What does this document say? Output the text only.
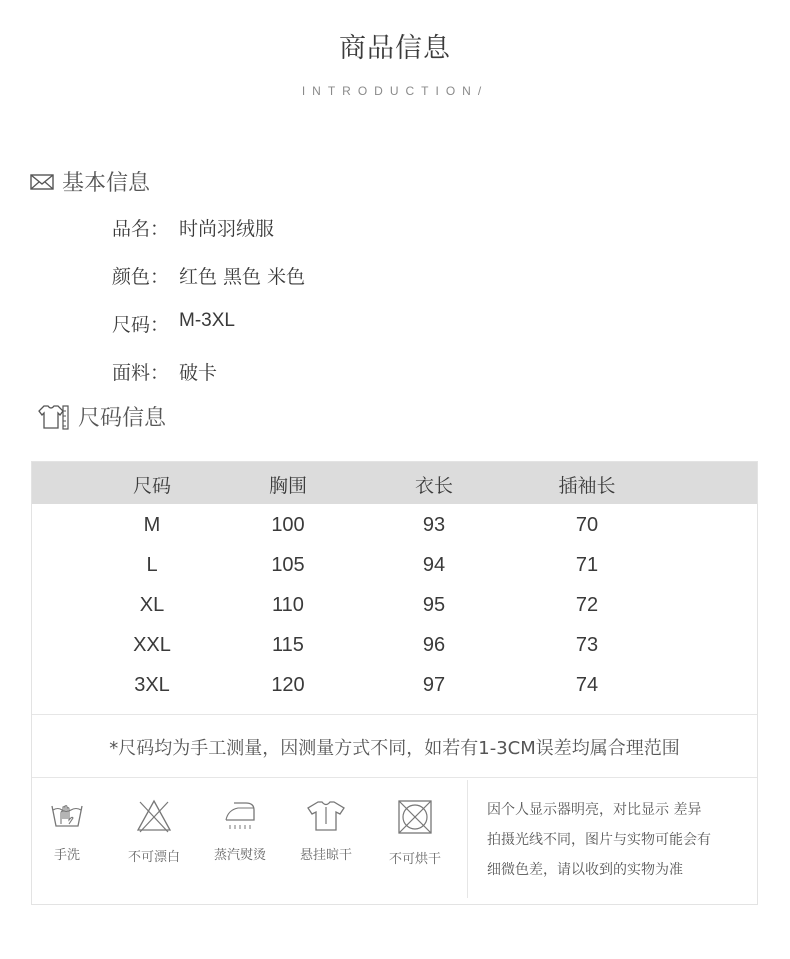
商品信息
INTRODUCTION/
基本信息
品名： 时尚羽绒服
颜色： 红色 黑色 米色
尺码： M-3XL
面料： 破卡
尺码信息
尺码	胸围	衣长	插袖长
M	100	93	70
L	105	94	71
XL	110	95	72
XXL	115	96	73
3XL	120	97	74
*尺码均为手工测量，因测量方式不同，如若有1-3CM误差均属合理范围
手洗	不可漂白	蒸汽熨烫	悬挂晾干	不可烘干
因个人显示器明亮，对比显示 差异
拍摄光线不同，图片与实物可能会有
细微色差，请以收到的实物为准
